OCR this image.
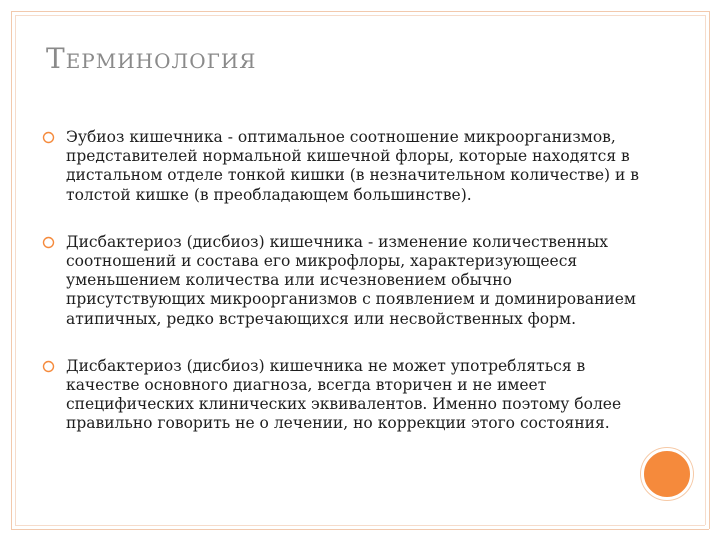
ТЕРМИНОЛОГИЯ
Эубиоз кишечника - оптимальное соотношение микроорганизмов, представителей нормальной кишечной флоры, которые находятся в дистальном отделе тонкой кишки (в незначительном количестве) и в толстой кишке (в преобладающем большинстве).
Дисбактериоз (дисбиоз) кишечника - изменение количественных соотношений и состава его микрофлоры, характеризующееся уменьшением количества или исчезновением обычно присутствующих микроорганизмов с появлением и доминированием атипичных, редко встречающихся или несвойственных форм.
Дисбактериоз (дисбиоз) кишечника не может употребляться в качестве основного диагноза, всегда вторичен и не имеет специфических клинических эквивалентов. Именно поэтому более правильно говорить не о лечении, но коррекции этого состояния.
